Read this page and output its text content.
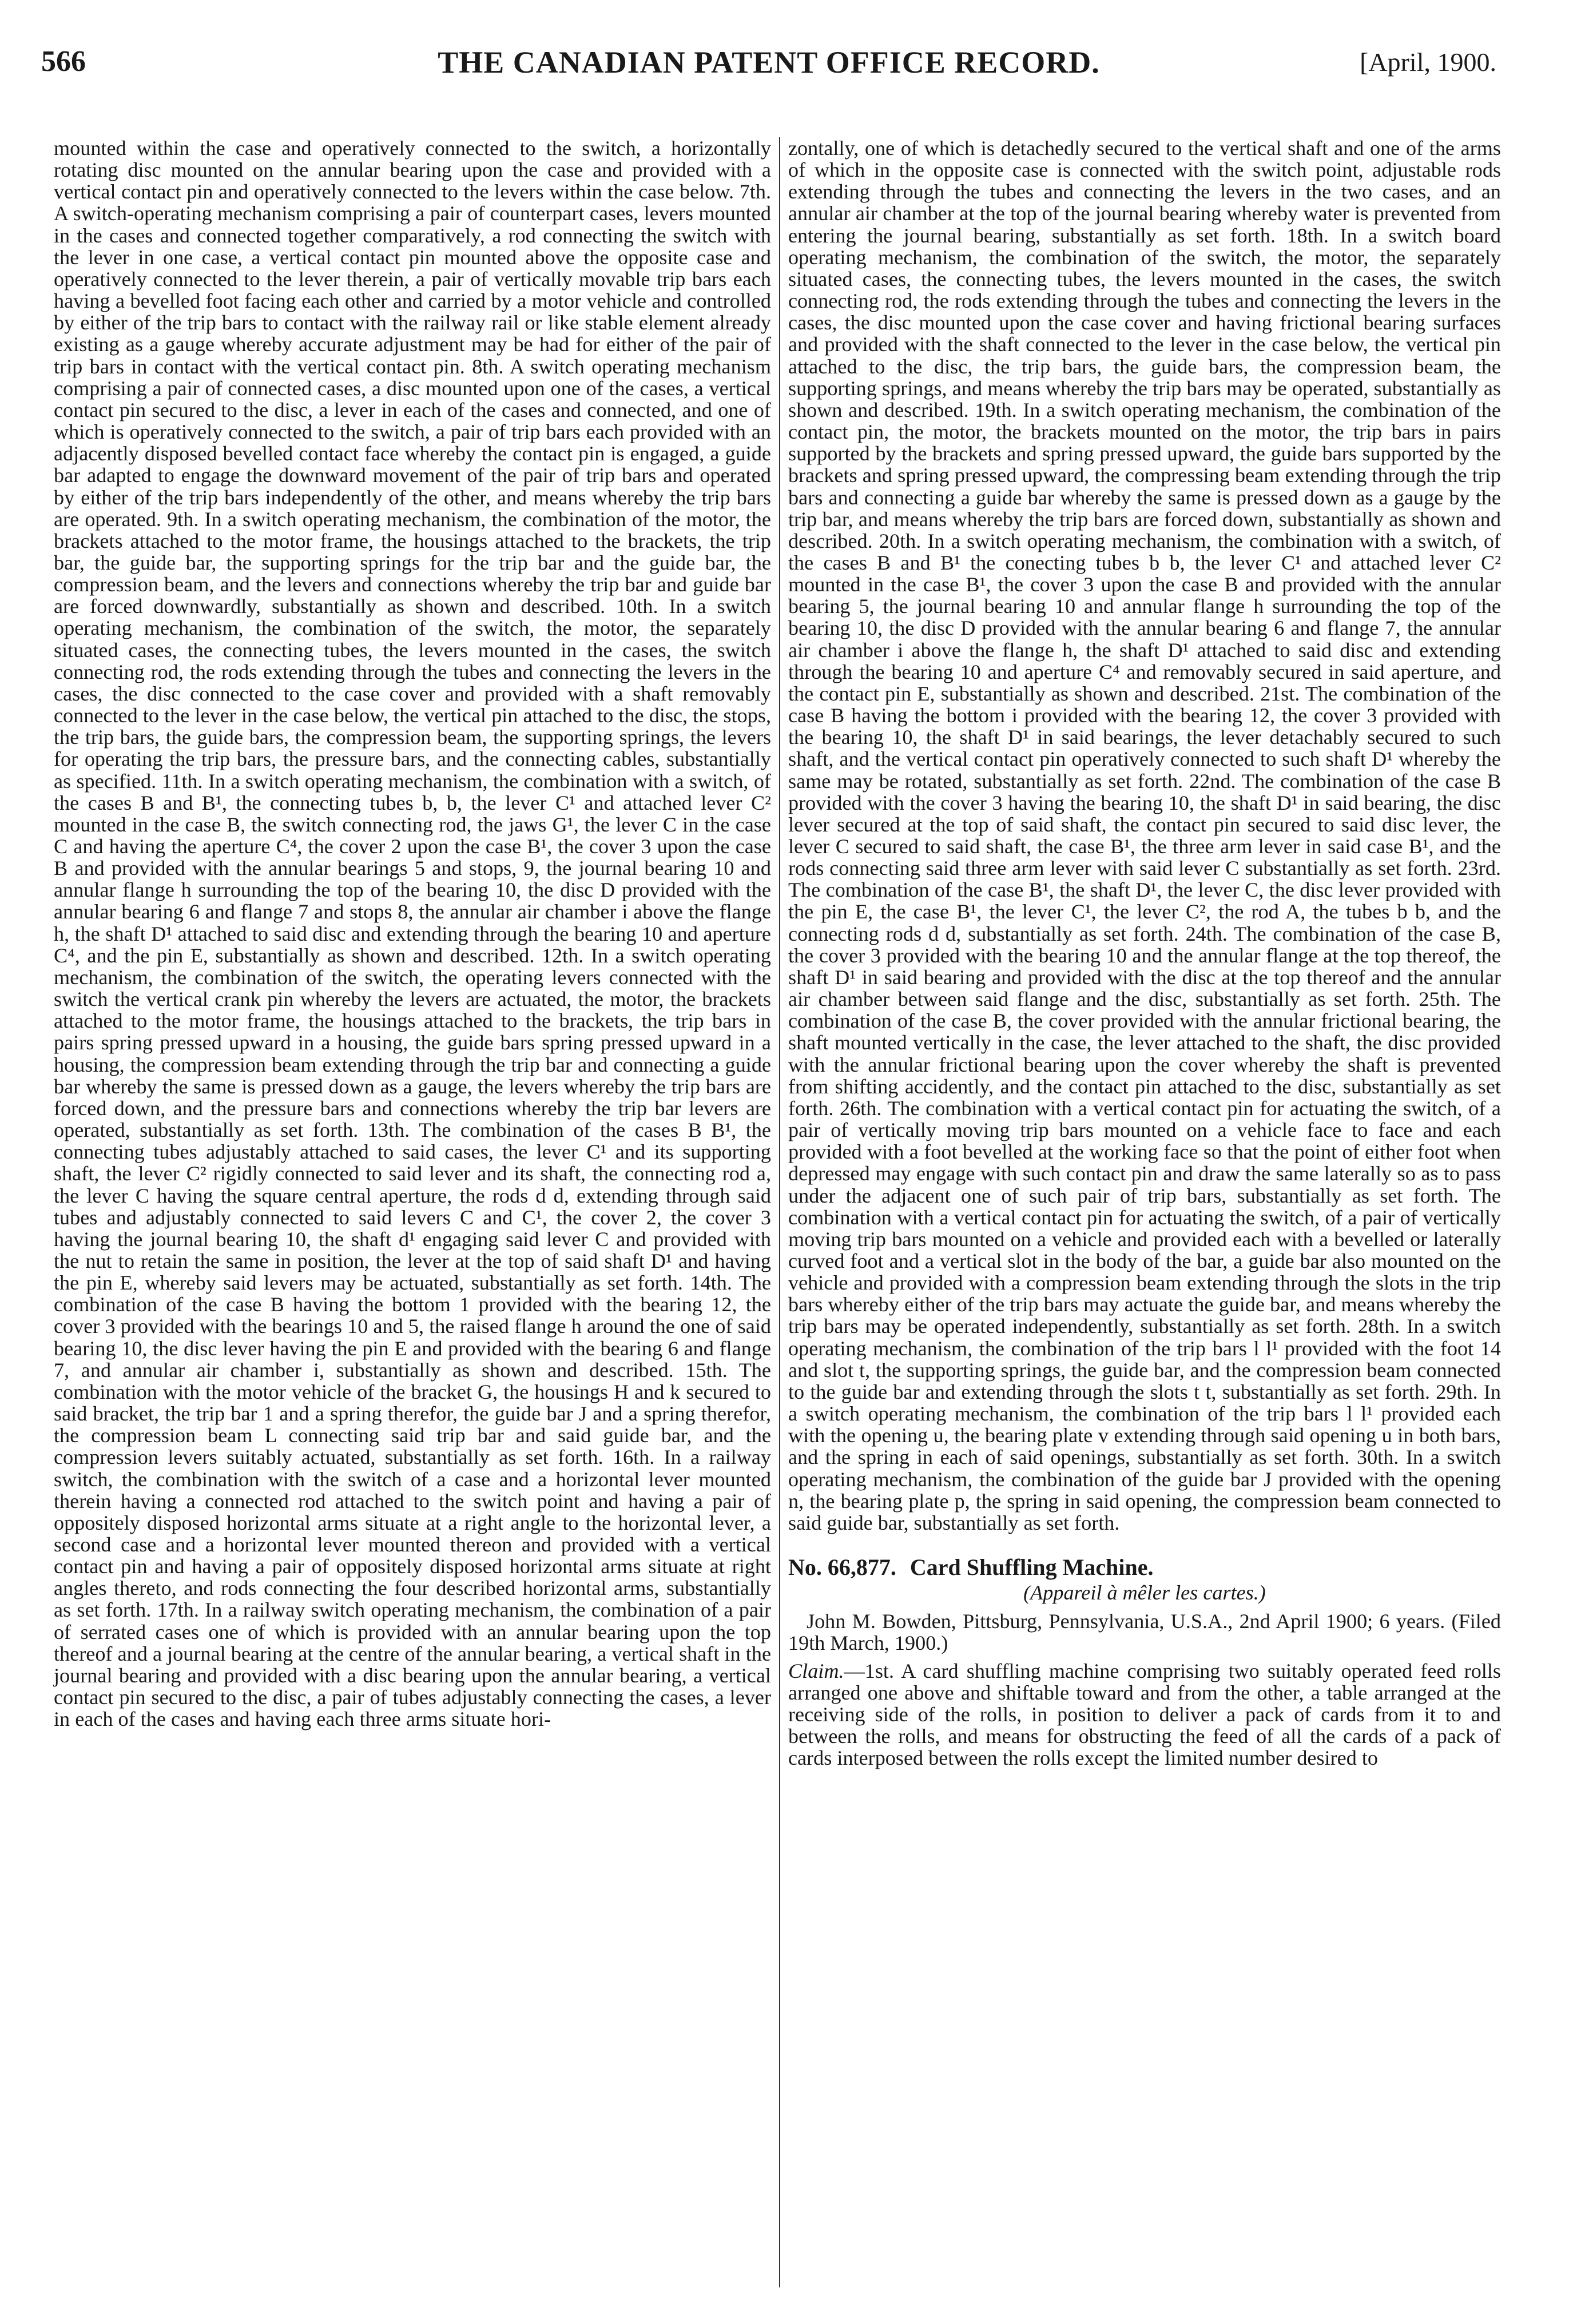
566	THE CANADIAN PATENT OFFICE RECORD.	[April, 1900.

mounted within the case and operatively connected to the switch, a horizontally rotating disc mounted on the annular bearing upon the case and provided with a vertical contact pin and operatively connected to the levers within the case below. 7th. A switch-operating mechanism comprising a pair of counterpart cases, levers mounted in the cases and connected together comparatively, a rod connecting the switch with the lever in one case, a vertical contact pin mounted above the opposite case and operatively connected to the lever therein, a pair of vertically movable trip bars each having a bevelled foot facing each other and carried by a motor vehicle and controlled by either of the trip bars to contact with the railway rail or like stable element already existing as a gauge whereby accurate adjustment may be had for either of the pair of trip bars in contact with the vertical contact pin. 8th. A switch operating mechanism comprising a pair of connected cases, a disc mounted upon one of the cases, a vertical contact pin secured to the disc, a lever in each of the cases and connected, and one of which is operatively connected to the switch, a pair of trip bars each provided with an adjacently disposed bevelled contact face whereby the contact pin is engaged, a guide bar adapted to engage the downward movement of the pair of trip bars and operated by either of the trip bars independently of the other, and means whereby the trip bars are operated. 9th. In a switch operating mechanism, the combination of the motor, the brackets attached to the motor frame, the housings attached to the brackets, the trip bar, the guide bar, the supporting springs for the trip bar and the guide bar, the compression beam, and the levers and connections whereby the trip bar and guide bar are forced downwardly, substantially as shown and described. 10th. In a switch operating mechanism, the combination of the switch, the motor, the separately situated cases, the connecting tubes, the levers mounted in the cases, the switch connecting rod, the rods extending through the tubes and connecting the levers in the cases, the disc connected to the case cover and provided with a shaft removably connected to the lever in the case below, the vertical pin attached to the disc, the stops, the trip bars, the guide bars, the compression beam, the supporting springs, the levers for operating the trip bars, the pressure bars, and the connecting cables, substantially as specified. 11th. In a switch operating mechanism, the combination with a switch, of the cases B and B¹, the connecting tubes b, b, the lever C¹ and attached lever C² mounted in the case B, the switch connecting rod, the jaws G¹, the lever C in the case C and having the aperture C⁴, the cover 2 upon the case B¹, the cover 3 upon the case B and provided with the annular bearings 5 and stops, 9, the journal bearing 10 and annular flange h surrounding the top of the bearing 10, the disc D provided with the annular bearing 6 and flange 7 and stops 8, the annular air chamber i above the flange h, the shaft D¹ attached to said disc and extending through the bearing 10 and aperture C⁴, and the pin E, substantially as shown and described. 12th. In a switch operating mechanism, the combination of the switch, the operating levers connected with the switch the vertical crank pin whereby the levers are actuated, the motor, the brackets attached to the motor frame, the housings attached to the brackets, the trip bars in pairs spring pressed upward in a housing, the guide bars spring pressed upward in a housing, the compression beam extending through the trip bar and connecting a guide bar whereby the same is pressed down as a gauge, the levers whereby the trip bars are forced down, and the pressure bars and connections whereby the trip bar levers are operated, substantially as set forth. 13th. The combination of the cases B B¹, the connecting tubes adjustably attached to said cases, the lever C¹ and its supporting shaft, the lever C² rigidly connected to said lever and its shaft, the connecting rod a, the lever C having the square central aperture, the rods d d, extending through said tubes and adjustably connected to said levers C and C¹, the cover 2, the cover 3 having the journal bearing 10, the shaft d¹ engaging said lever C and provided with the nut to retain the same in position, the lever at the top of said shaft D¹ and having the pin E, whereby said levers may be actuated, substantially as set forth. 14th. The combination of the case B having the bottom 1 provided with the bearing 12, the cover 3 provided with the bearings 10 and 5, the raised flange h around the one of said bearing 10, the disc lever having the pin E and provided with the bearing 6 and flange 7, and annular air chamber i, substantially as shown and described. 15th. The combination with the motor vehicle of the bracket G, the housings H and k secured to said bracket, the trip bar 1 and a spring therefor, the guide bar J and a spring therefor, the compression beam L connecting said trip bar and said guide bar, and the compression levers suitably actuated, substantially as set forth. 16th. In a railway switch, the combination with the switch of a case and a horizontal lever mounted therein having a connected rod attached to the switch point and having a pair of oppositely disposed horizontal arms situate at a right angle to the horizontal lever, a second case and a horizontal lever mounted thereon and provided with a vertical contact pin and having a pair of oppositely disposed horizontal arms situate at right angles thereto, and rods connecting the four described horizontal arms, substantially as set forth. 17th. In a railway switch operating mechanism, the combination of a pair of serrated cases one of which is provided with an annular bearing upon the top thereof and a journal bearing at the centre of the annular bearing, a vertical shaft in the journal bearing and provided with a disc bearing upon the annular bearing, a vertical contact pin secured to the disc, a pair of tubes adjustably connecting the cases, a lever in each of the cases and having each three arms situate hori-

zontally, one of which is detachedly secured to the vertical shaft and one of the arms of which in the opposite case is connected with the switch point, adjustable rods extending through the tubes and connecting the levers in the two cases, and an annular air chamber at the top of the journal bearing whereby water is prevented from entering the journal bearing, substantially as set forth. 18th. In a switch board operating mechanism, the combination of the switch, the motor, the separately situated cases, the connecting tubes, the levers mounted in the cases, the switch connecting rod, the rods extending through the tubes and connecting the levers in the cases, the disc mounted upon the case cover and having frictional bearing surfaces and provided with the shaft connected to the lever in the case below, the vertical pin attached to the disc, the trip bars, the guide bars, the compression beam, the supporting springs, and means whereby the trip bars may be operated, substantially as shown and described. 19th. In a switch operating mechanism, the combination of the contact pin, the motor, the brackets mounted on the motor, the trip bars in pairs supported by the brackets and spring pressed upward, the guide bars supported by the brackets and spring pressed upward, the compressing beam extending through the trip bars and connecting a guide bar whereby the same is pressed down as a gauge by the trip bar, and means whereby the trip bars are forced down, substantially as shown and described. 20th. In a switch operating mechanism, the combination with a switch, of the cases B and B¹ the conecting tubes b b, the lever C¹ and attached lever C² mounted in the case B¹, the cover 3 upon the case B and provided with the annular bearing 5, the journal bearing 10 and annular flange h surrounding the top of the bearing 10, the disc D provided with the annular bearing 6 and flange 7, the annular air chamber i above the flange h, the shaft D¹ attached to said disc and extending through the bearing 10 and aperture C⁴ and removably secured in said aperture, and the contact pin E, substantially as shown and described. 21st. The combination of the case B having the bottom i provided with the bearing 12, the cover 3 provided with the bearing 10, the shaft D¹ in said bearings, the lever detachably secured to such shaft, and the vertical contact pin operatively connected to such shaft D¹ whereby the same may be rotated, substantially as set forth. 22nd. The combination of the case B provided with the cover 3 having the bearing 10, the shaft D¹ in said bearing, the disc lever secured at the top of said shaft, the contact pin secured to said disc lever, the lever C secured to said shaft, the case B¹, the three arm lever in said case B¹, and the rods connecting said three arm lever with said lever C substantially as set forth. 23rd. The combination of the case B¹, the shaft D¹, the lever C, the disc lever provided with the pin E, the case B¹, the lever C¹, the lever C², the rod A, the tubes b b, and the connecting rods d d, substantially as set forth. 24th. The combination of the case B, the cover 3 provided with the bearing 10 and the annular flange at the top thereof, the shaft D¹ in said bearing and provided with the disc at the top thereof and the annular air chamber between said flange and the disc, substantially as set forth. 25th. The combination of the case B, the cover provided with the annular frictional bearing, the shaft mounted vertically in the case, the lever attached to the shaft, the disc provided with the annular frictional bearing upon the cover whereby the shaft is prevented from shifting accidently, and the contact pin attached to the disc, substantially as set forth. 26th. The combination with a vertical contact pin for actuating the switch, of a pair of vertically moving trip bars mounted on a vehicle face to face and each provided with a foot bevelled at the working face so that the point of either foot when depressed may engage with such contact pin and draw the same laterally so as to pass under the adjacent one of such pair of trip bars, substantially as set forth. The combination with a vertical contact pin for actuating the switch, of a pair of vertically moving trip bars mounted on a vehicle and provided each with a bevelled or laterally curved foot and a vertical slot in the body of the bar, a guide bar also mounted on the vehicle and provided with a compression beam extending through the slots in the trip bars whereby either of the trip bars may actuate the guide bar, and means whereby the trip bars may be operated independently, substantially as set forth. 28th. In a switch operating mechanism, the combination of the trip bars l l¹ provided with the foot 14 and slot t, the supporting springs, the guide bar, and the compression beam connected to the guide bar and extending through the slots t t, substantially as set forth. 29th. In a switch operating mechanism, the combination of the trip bars l l¹ provided each with the opening u, the bearing plate v extending through said opening u in both bars, and the spring in each of said openings, substantially as set forth. 30th. In a switch operating mechanism, the combination of the guide bar J provided with the opening n, the bearing plate p, the spring in said opening, the compression beam connected to said guide bar, substantially as set forth.

No. 66,877. Card Shuffling Machine.

(Appareil à mêler les cartes.)

John M. Bowden, Pittsburg, Pennsylvania, U.S.A., 2nd April 1900; 6 years. (Filed 19th March, 1900.)

Claim.—1st. A card shuffling machine comprising two suitably operated feed rolls arranged one above and shiftable toward and from the other, a table arranged at the receiving side of the rolls, in position to deliver a pack of cards from it to and between the rolls, and means for obstructing the feed of all the cards of a pack of cards interposed between the rolls except the limited number desired to
